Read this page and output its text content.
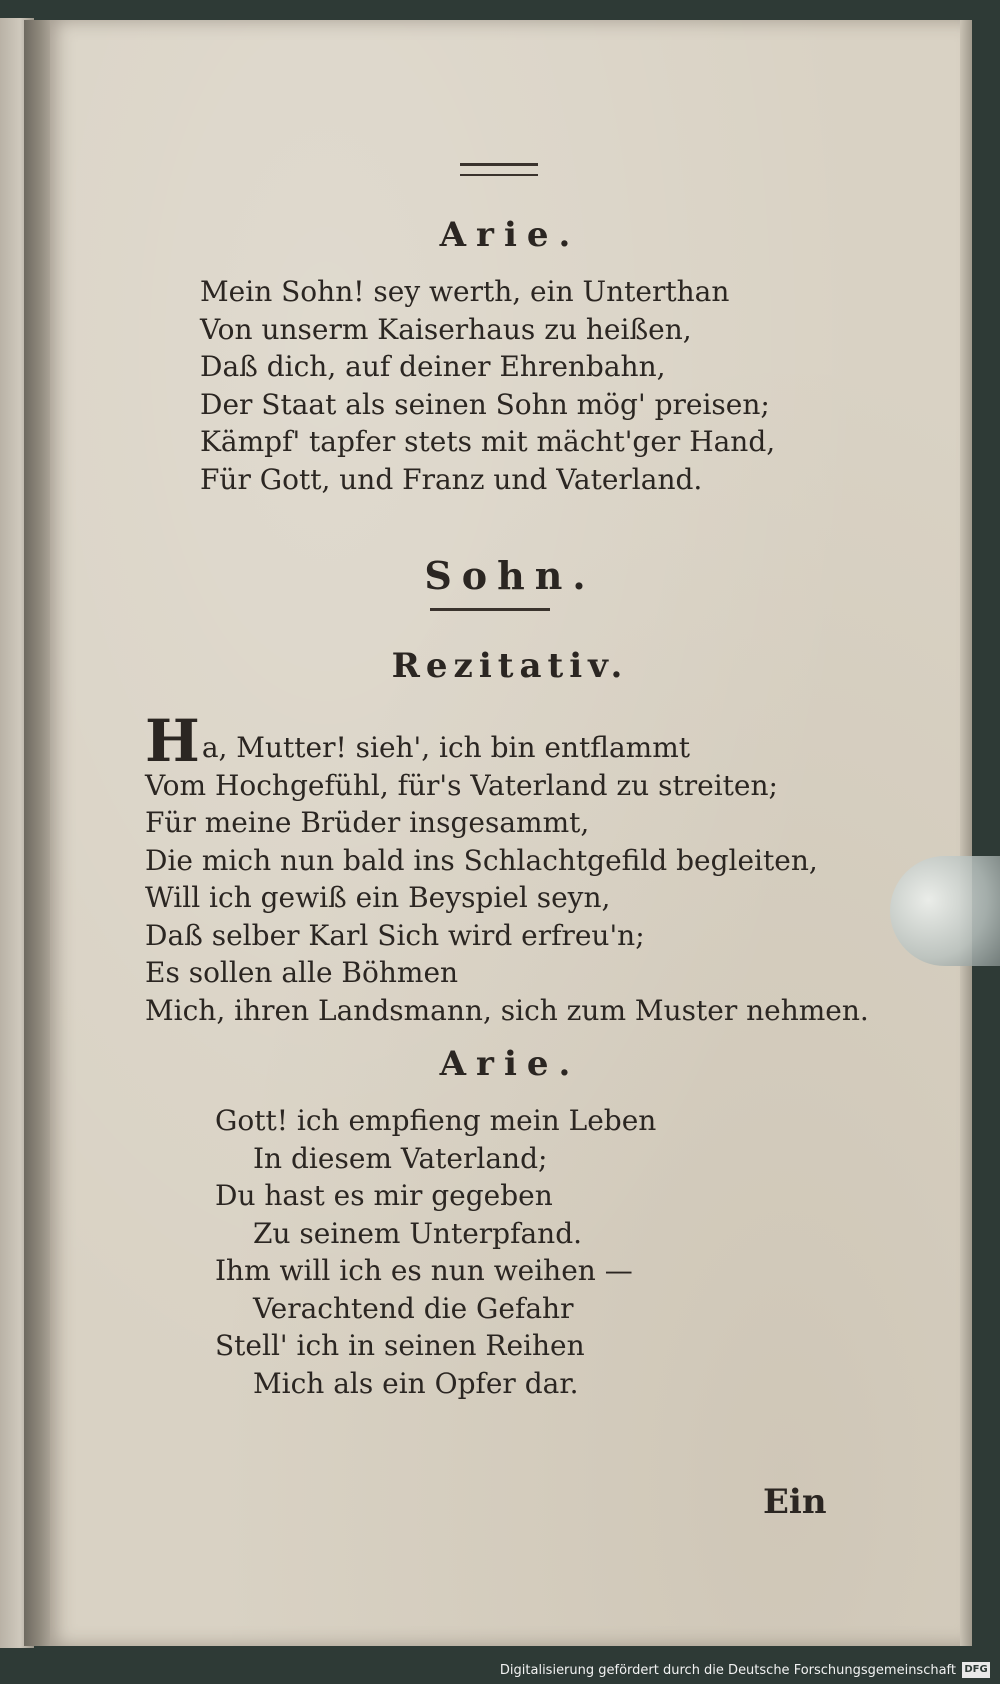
Arie.
Mein Sohn! sey werth, ein Unterthan
Von unserm Kaiserhaus zu heißen,
Daß dich, auf deiner Ehrenbahn,
Der Staat als seinen Sohn mög' preisen;
Kämpf' tapfer stets mit mächt'ger Hand,
Für Gott, und Franz und Vaterland.
Sohn.
Rezitativ.
Ha, Mutter! sieh', ich bin entflammt
Vom Hochgefühl, für's Vaterland zu streiten;
Für meine Brüder insgesammt,
Die mich nun bald ins Schlachtgefild begleiten,
Will ich gewiß ein Beyspiel seyn,
Daß selber Karl Sich wird erfreu'n;
Es sollen alle Böhmen
Mich, ihren Landsmann, sich zum Muster nehmen.
Arie.
Gott! ich empfieng mein Leben
In diesem Vaterland;
Du hast es mir gegeben
Zu seinem Unterpfand.
Ihm will ich es nun weihen —
Verachtend die Gefahr
Stell' ich in seinen Reihen
Mich als ein Opfer dar.
Ein
Digitalisierung gefördert durch die Deutsche Forschungsgemeinschaft DFG
